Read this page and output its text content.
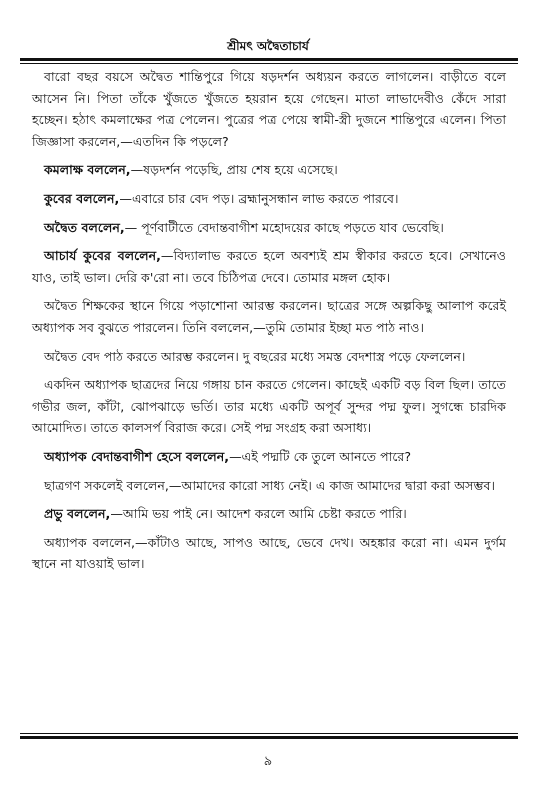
শ্রীমৎ অদ্বৈতাচার্য

বারো বছর বয়সে অদ্বৈত শান্তিপুরে গিয়ে ষড়দর্শন অধ্যয়ন করতে লাগলেন। বাড়ীতে বলে আসেন নি। পিতা তাঁকে খুঁজতে খুঁজতে হয়রান হয়ে গেছেন। মাতা লাভাদেবীও কেঁদে সারা হচ্ছেন। হঠাৎ কমলাক্ষের পত্র পেলেন। পুত্রের পত্র পেয়ে স্বামী-স্ত্রী দুজনে শান্তিপুরে এলেন। পিতা জিজ্ঞাসা করলেন,—এতদিন কি পড়লে?

কমলাক্ষ বললেন,—ষড়দর্শন পড়েছি, প্রায় শেষ হয়ে এসেছে।

কুবের বললেন,—এবারে চার বেদ পড়। ব্রহ্মানুসন্ধান লাভ করতে পারবে।

অদ্বৈত বললেন,— পূর্ণবাটীতে বেদান্তবাগীশ মহোদয়ের কাছে পড়তে যাব ভেবেছি।

আচার্য কুবের বললেন,—বিদ্যালাভ করতে হলে অবশ্যই শ্রম স্বীকার করতে হবে। সেখানেও যাও, তাই ভাল। দেরি ক'রো না। তবে চিঠিপত্র দেবে। তোমার মঙ্গল হোক।

অদ্বৈত শিক্ষকের স্থানে গিয়ে পড়াশোনা আরম্ভ করলেন। ছাত্রের সঙ্গে অল্পকিছু আলাপ করেই অধ্যাপক সব বুঝতে পারলেন। তিনি বললেন,—তুমি তোমার ইচ্ছা মত পাঠ নাও।

অদ্বৈত বেদ পাঠ করতে আরম্ভ করলেন। দু বছরের মধ্যে সমস্ত বেদশাস্ত্র পড়ে ফেললেন।

একদিন অধ্যাপক ছাত্রদের নিয়ে গঙ্গায় চান করতে গেলেন। কাছেই একটি বড় বিল ছিল। তাতে গভীর জল, কাঁটা, ঝোপঝাড়ে ভর্তি। তার মধ্যে একটি অপূর্ব সুন্দর পদ্ম ফুল। সুগন্ধে চারদিক আমোদিত। তাতে কালসর্প বিরাজ করে। সেই পদ্ম সংগ্রহ করা অসাধ্য।

অধ্যাপক বেদান্তবাগীশ হেসে বললেন,—এই পদ্মটি কে তুলে আনতে পারে?

ছাত্রগণ সকলেই বললেন,—আমাদের কারো সাধ্য নেই। এ কাজ আমাদের দ্বারা করা অসম্ভব।

প্রভু বললেন,—আমি ভয় পাই নে। আদেশ করলে আমি চেষ্টা করতে পারি।

অধ্যাপক বললেন,—কাঁটাও আছে, সাপও আছে, ভেবে দেখ। অহঙ্কার করো না। এমন দুর্গম স্থানে না যাওয়াই ভাল।

৯
